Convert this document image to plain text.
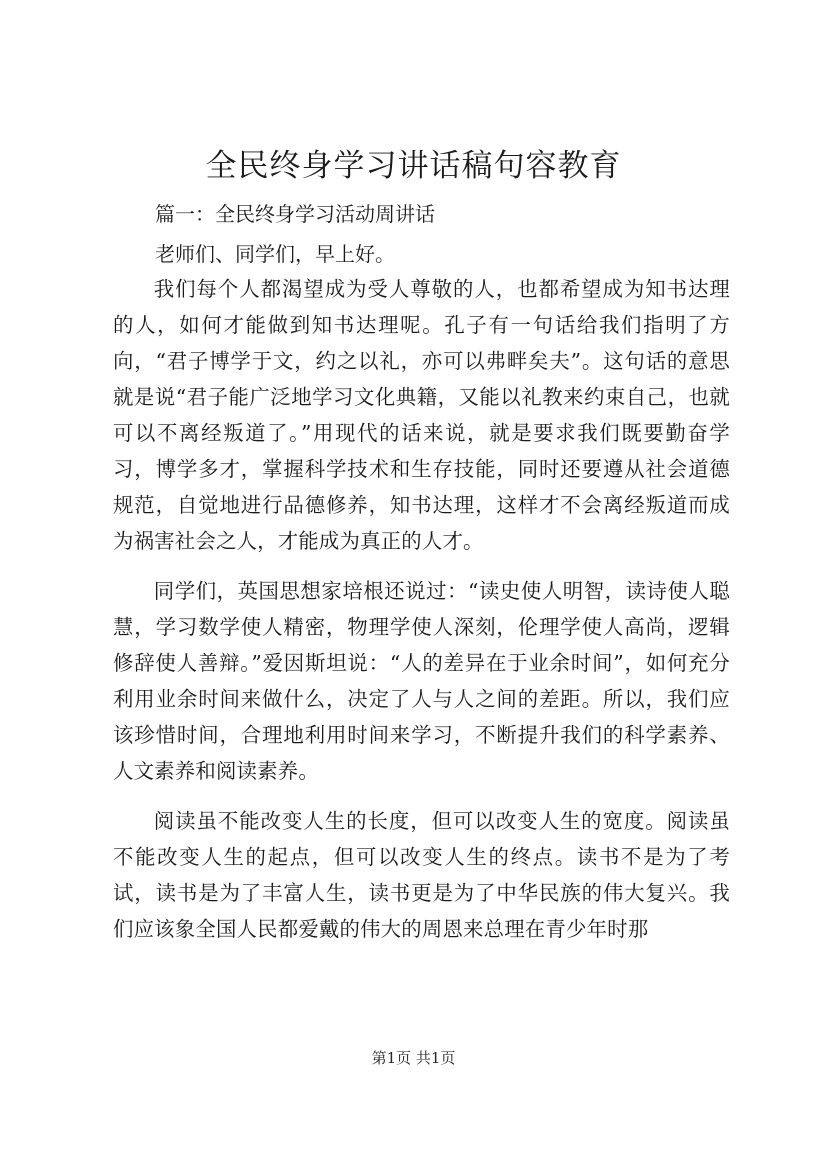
全民终身学习讲话稿句容教育

篇一：全民终身学习活动周讲话

老师们、同学们，早上好。

我们每个人都渴望成为受人尊敬的人，也都希望成为知书达理的人，如何才能做到知书达理呢。孔子有一句话给我们指明了方向，“君子博学于文，约之以礼，亦可以弗畔矣夫”。这句话的意思就是说“君子能广泛地学习文化典籍，又能以礼教来约束自己，也就可以不离经叛道了。”用现代的话来说，就是要求我们既要勤奋学习，博学多才，掌握科学技术和生存技能，同时还要遵从社会道德规范，自觉地进行品德修养，知书达理，这样才不会离经叛道而成为祸害社会之人，才能成为真正的人才。

同学们，英国思想家培根还说过：“读史使人明智，读诗使人聪慧，学习数学使人精密，物理学使人深刻，伦理学使人高尚，逻辑修辞使人善辩。”爱因斯坦说：“人的差异在于业余时间”，如何充分利用业余时间来做什么，决定了人与人之间的差距。所以，我们应该珍惜时间，合理地利用时间来学习，不断提升我们的科学素养、人文素养和阅读素养。

阅读虽不能改变人生的长度，但可以改变人生的宽度。阅读虽不能改变人生的起点，但可以改变人生的终点。读书不是为了考试，读书是为了丰富人生，读书更是为了中华民族的伟大复兴。我们应该象全国人民都爱戴的伟大的周恩来总理在青少年时那

第1页 共1页
